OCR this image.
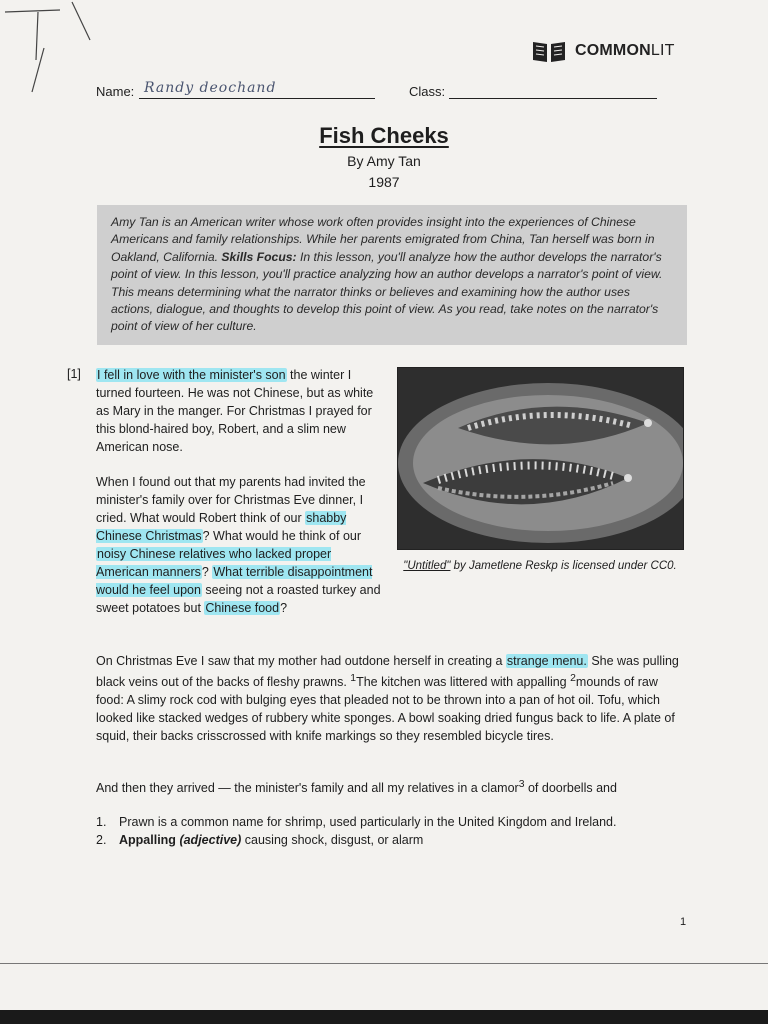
COMMONLIT
Name: Randy deochand	Class:
Fish Cheeks
By Amy Tan
1987
Amy Tan is an American writer whose work often provides insight into the experiences of Chinese Americans and family relationships. While her parents emigrated from China, Tan herself was born in Oakland, California. Skills Focus: In this lesson, you'll analyze how the author develops the narrator's point of view. In this lesson, you'll practice analyzing how an author develops a narrator's point of view. This means determining what the narrator thinks or believes and examining how the author uses actions, dialogue, and thoughts to develop this point of view. As you read, take notes on the narrator's point of view of her culture.
[1] I fell in love with the minister's son the winter I turned fourteen. He was not Chinese, but as white as Mary in the manger. For Christmas I prayed for this blond-haired boy, Robert, and a slim new American nose.
When I found out that my parents had invited the minister's family over for Christmas Eve dinner, I cried. What would Robert think of our shabby Chinese Christmas? What would he think of our noisy Chinese relatives who lacked proper American manners? What terrible disappointment would he feel upon seeing not a roasted turkey and sweet potatoes but Chinese food?
"Untitled" by Jametlene Reskp is licensed under CC0.
On Christmas Eve I saw that my mother had outdone herself in creating a strange menu. She was pulling black veins out of the backs of fleshy prawns. $^1$The kitchen was littered with appalling $^2$mounds of raw food: A slimy rock cod with bulging eyes that pleaded not to be thrown into a pan of hot oil. Tofu, which looked like stacked wedges of rubbery white sponges. A bowl soaking dried fungus back to life. A plate of squid, their backs crisscrossed with knife markings so they resembled bicycle tires.
And then they arrived — the minister's family and all my relatives in a clamor$^3$ of doorbells and
1. Prawn is a common name for shrimp, used particularly in the United Kingdom and Ireland.
2. Appalling (adjective) causing shock, disgust, or alarm
1
